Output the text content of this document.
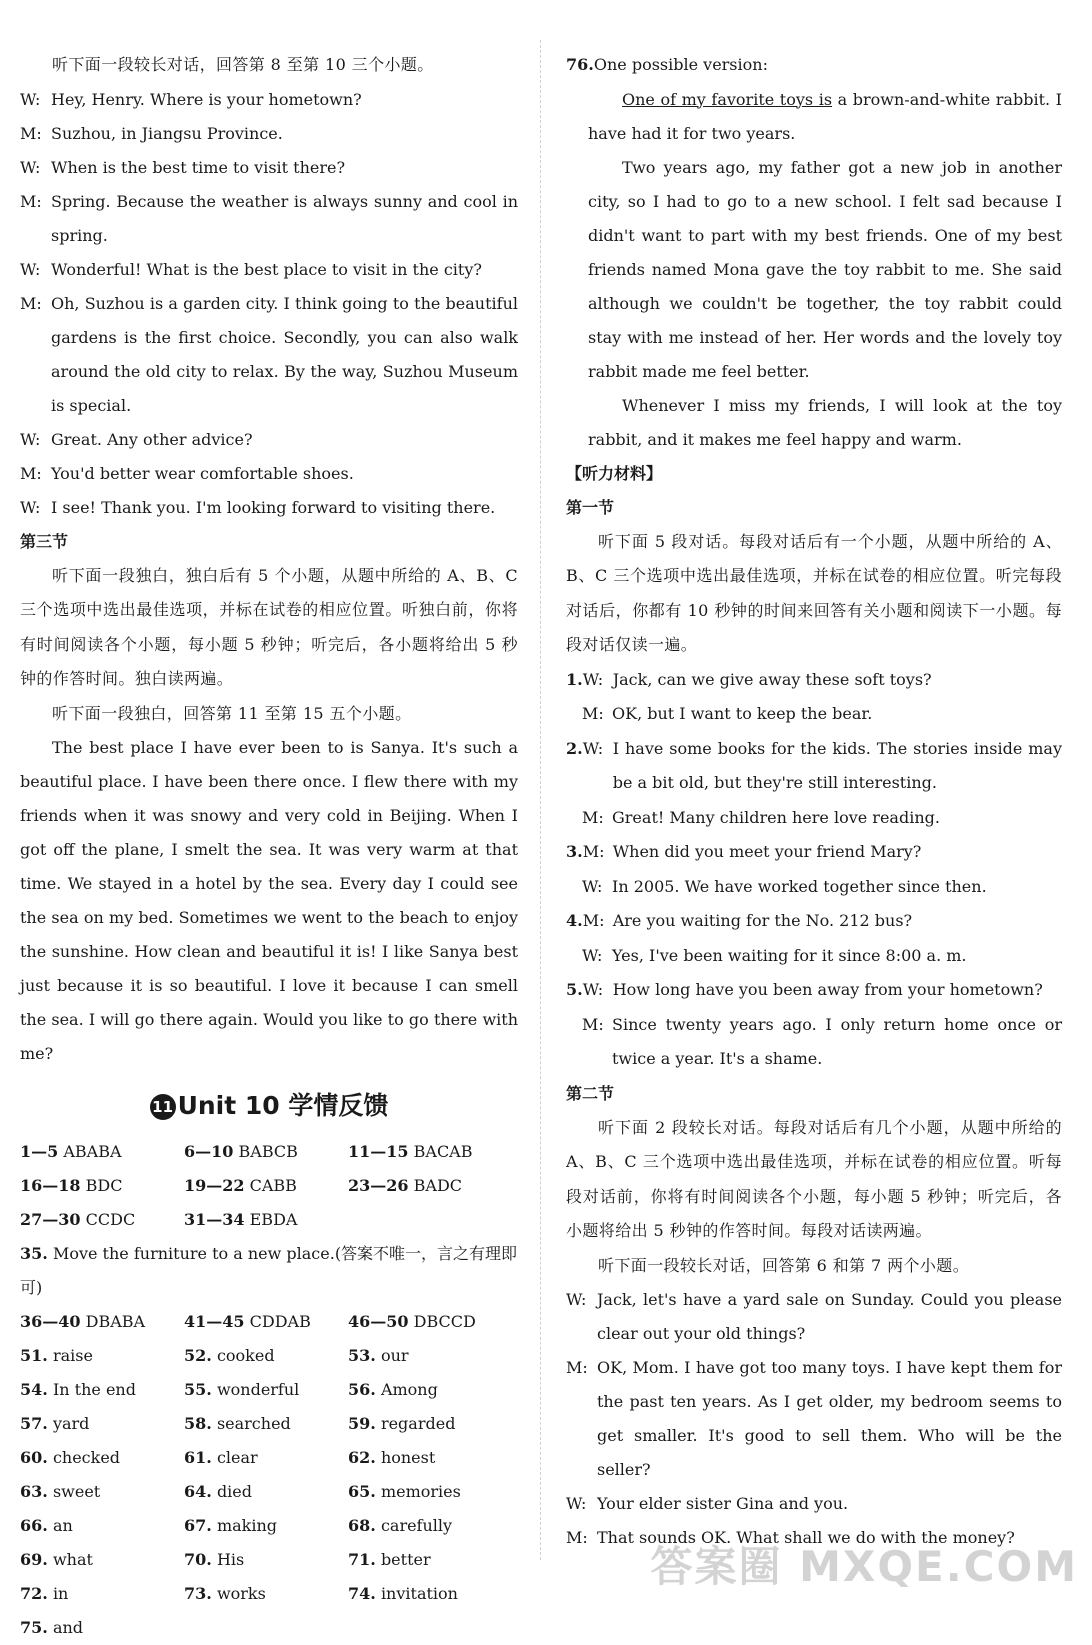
听下面一段较长对话，回答第 8 至第 10 三个小题。

W: Hey, Henry. Where is your hometown?
M: Suzhou, in Jiangsu Province.
W: When is the best time to visit there?
M: Spring. Because the weather is always sunny and cool in spring.
W: Wonderful! What is the best place to visit in the city?
M: Oh, Suzhou is a garden city. I think going to the beautiful gardens is the first choice. Secondly, you can also walk around the old city to relax. By the way, Suzhou Museum is special.
W: Great. Any other advice?
M: You'd better wear comfortable shoes.
W: I see! Thank you. I'm looking forward to visiting there.

第三节

听下面一段独白，独白后有 5 个小题，从题中所给的 A、B、C 三个选项中选出最佳选项，并标在试卷的相应位置。听独白前，你将有时间阅读各个小题，每小题 5 秒钟；听完后，各小题将给出 5 秒钟的作答时间。独白读两遍。

听下面一段独白，回答第 11 至第 15 五个小题。

The best place I have ever been to is Sanya. It's such a beautiful place. I have been there once. I flew there with my friends when it was snowy and very cold in Beijing. When I got off the plane, I smelt the sea. It was very warm at that time. We stayed in a hotel by the sea. Every day I could see the sea on my bed. Sometimes we went to the beach to enjoy the sunshine. How clean and beautiful it is! I like Sanya best just because it is so beautiful. I love it because I can smell the sea. I will go there again. Would you like to go there with me?

11 Unit 10 学情反馈
1—5 ABABA	6—10 BABCB	11—15 BACAB
16—18 BDC	19—22 CABB	23—26 BADC
27—30 CCDC	31—34 EBDA
35. Move the furniture to a new place.(答案不唯一，言之有理即可)
36—40 DBABA	41—45 CDDAB	46—50 DBCCD
51. raise	52. cooked	53. our
54. In the end	55. wonderful	56. Among
57. yard	58. searched	59. regarded
60. checked	61. clear	62. honest
63. sweet	64. died	65. memories
66. an	67. making	68. carefully
69. what	70. His	71. better
72. in	73. works	74. invitation
75. and
76. One possible version:

One of my favorite toys is a brown-and-white rabbit. I have had it for two years.

Two years ago, my father got a new job in another city, so I had to go to a new school. I felt sad because I didn't want to part with my best friends. One of my best friends named Mona gave the toy rabbit to me. She said although we couldn't be together, the toy rabbit could stay with me instead of her. Her words and the lovely toy rabbit made me feel better.

Whenever I miss my friends, I will look at the toy rabbit, and it makes me feel happy and warm.

【听力材料】

第一节

听下面 5 段对话。每段对话后有一个小题，从题中所给的 A、B、C 三个选项中选出最佳选项，并标在试卷的相应位置。听完每段对话后，你都有 10 秒钟的时间来回答有关小题和阅读下一小题。每段对话仅读一遍。

1. W: Jack, can we give away these soft toys?
M: OK, but I want to keep the bear.
2. W: I have some books for the kids. The stories inside may be a bit old, but they're still interesting.
M: Great! Many children here love reading.
3. M: When did you meet your friend Mary?
W: In 2005. We have worked together since then.
4. M: Are you waiting for the No. 212 bus?
W: Yes, I've been waiting for it since 8:00 a. m.
5. W: How long have you been away from your hometown?
M: Since twenty years ago. I only return home once or twice a year. It's a shame.

第二节

听下面 2 段较长对话。每段对话后有几个小题，从题中所给的 A、B、C 三个选项中选出最佳选项，并标在试卷的相应位置。听每段对话前，你将有时间阅读各个小题，每小题 5 秒钟；听完后，各小题将给出 5 秒钟的作答时间。每段对话读两遍。

听下面一段较长对话，回答第 6 和第 7 两个小题。

W: Jack, let's have a yard sale on Sunday. Could you please clear out your old things?
M: OK, Mom. I have got too many toys. I have kept them for the past ten years. As I get older, my bedroom seems to get smaller. It's good to sell them. Who will be the seller?
W: Your elder sister Gina and you.
M: That sounds OK. What shall we do with the money?
答案圈 MXQE.COM
